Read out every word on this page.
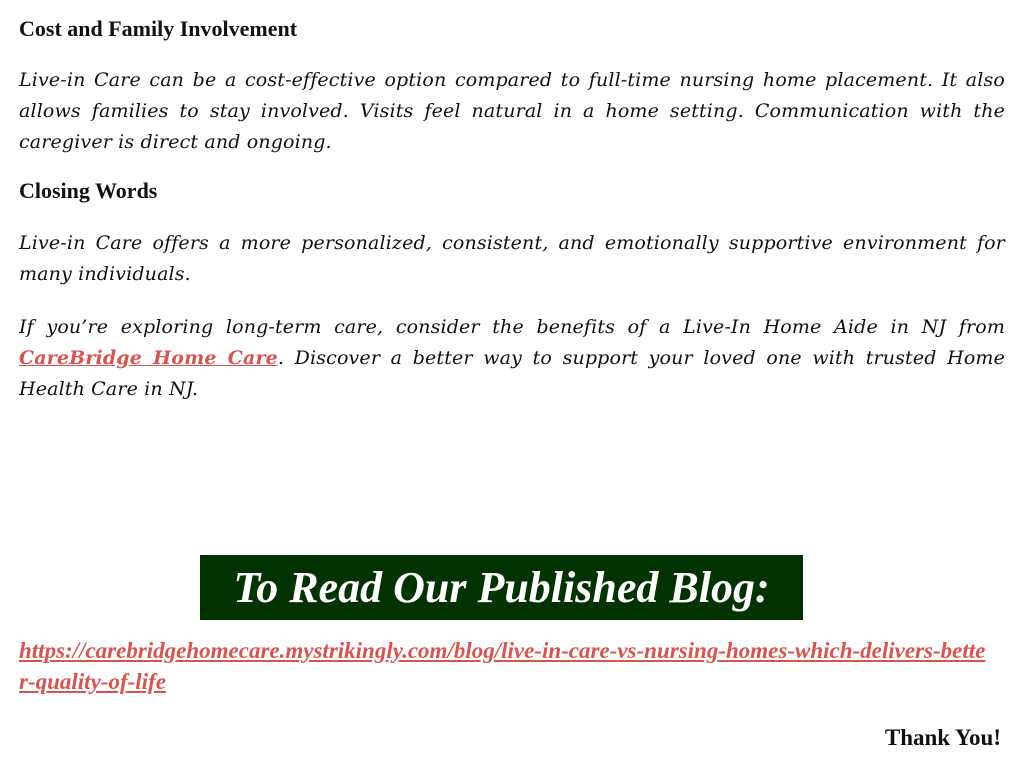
Cost and Family Involvement

Live-in Care can be a cost-effective option compared to full-time nursing home placement. It also allows families to stay involved. Visits feel natural in a home setting. Communication with the caregiver is direct and ongoing.

Closing Words

Live-in Care offers a more personalized, consistent, and emotionally supportive environment for many individuals.

If you’re exploring long-term care, consider the benefits of a Live-In Home Aide in NJ from CareBridge Home Care. Discover a better way to support your loved one with trusted Home Health Care in NJ.

To Read Our Published Blog:
https://carebridgehomecare.mystrikingly.com/blog/live-in-care-vs-nursing-homes-which-delivers-better-quality-of-life
Thank You!
